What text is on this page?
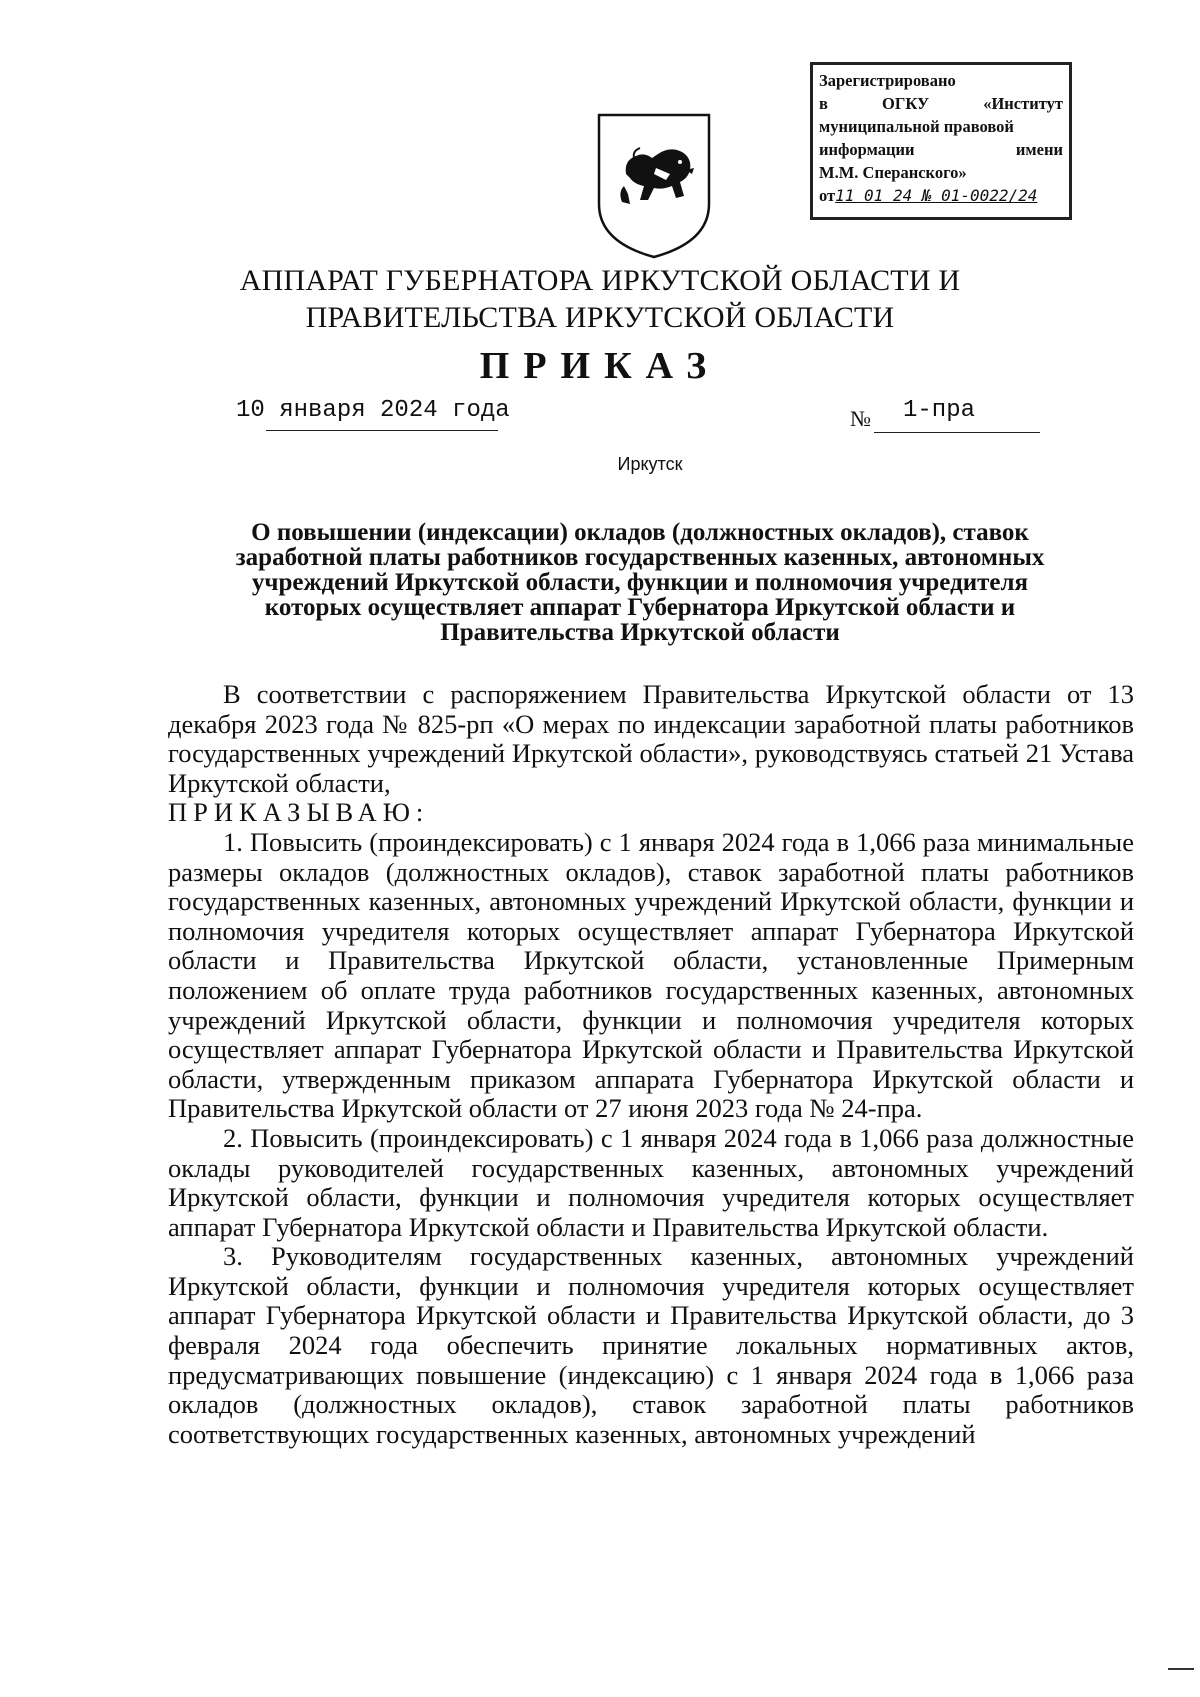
Зарегистрировано
в	ОГКУ	«Институт
муниципальной правовой
информации	имени
М.М. Сперанского»
от 11 01 24 № 01-0022/24
АППАРАТ ГУБЕРНАТОРА ИРКУТСКОЙ ОБЛАСТИ И
ПРАВИТЕЛЬСТВА ИРКУТСКОЙ ОБЛАСТИ
ПРИКАЗ
10 января 2024 года	№ 1-пра
Иркутск
О повышении (индексации) окладов (должностных окладов), ставок
заработной платы работников государственных казенных, автономных
учреждений Иркутской области, функции и полномочия учредителя
которых осуществляет аппарат Губернатора Иркутской области и
Правительства Иркутской области

В соответствии с распоряжением Правительства Иркутской области от 13 декабря 2023 года № 825-рп «О мерах по индексации заработной платы работников государственных учреждений Иркутской области», руководствуясь статьей 21 Устава Иркутской области,

ПРИКАЗЫВАЮ:

1. Повысить (проиндексировать) с 1 января 2024 года в 1,066 раза минимальные размеры окладов (должностных окладов), ставок заработной платы работников государственных казенных, автономных учреждений Иркутской области, функции и полномочия учредителя которых осуществляет аппарат Губернатора Иркутской области и Правительства Иркутской области, установленные Примерным положением об оплате труда работников государственных казенных, автономных учреждений Иркутской области, функции и полномочия учредителя которых осуществляет аппарат Губернатора Иркутской области и Правительства Иркутской области, утвержденным приказом аппарата Губернатора Иркутской области и Правительства Иркутской области от 27 июня 2023 года № 24-пра.

2. Повысить (проиндексировать) с 1 января 2024 года в 1,066 раза должностные оклады руководителей государственных казенных, автономных учреждений Иркутской области, функции и полномочия учредителя которых осуществляет аппарат Губернатора Иркутской области и Правительства Иркутской области.

3. Руководителям государственных казенных, автономных учреждений Иркутской области, функции и полномочия учредителя которых осуществляет аппарат Губернатора Иркутской области и Правительства Иркутской области, до 3 февраля 2024 года обеспечить принятие локальных нормативных актов, предусматривающих повышение (индексацию) с 1 января 2024 года в 1,066 раза окладов (должностных окладов), ставок заработной платы работников соответствующих государственных казенных, автономных учреждений
